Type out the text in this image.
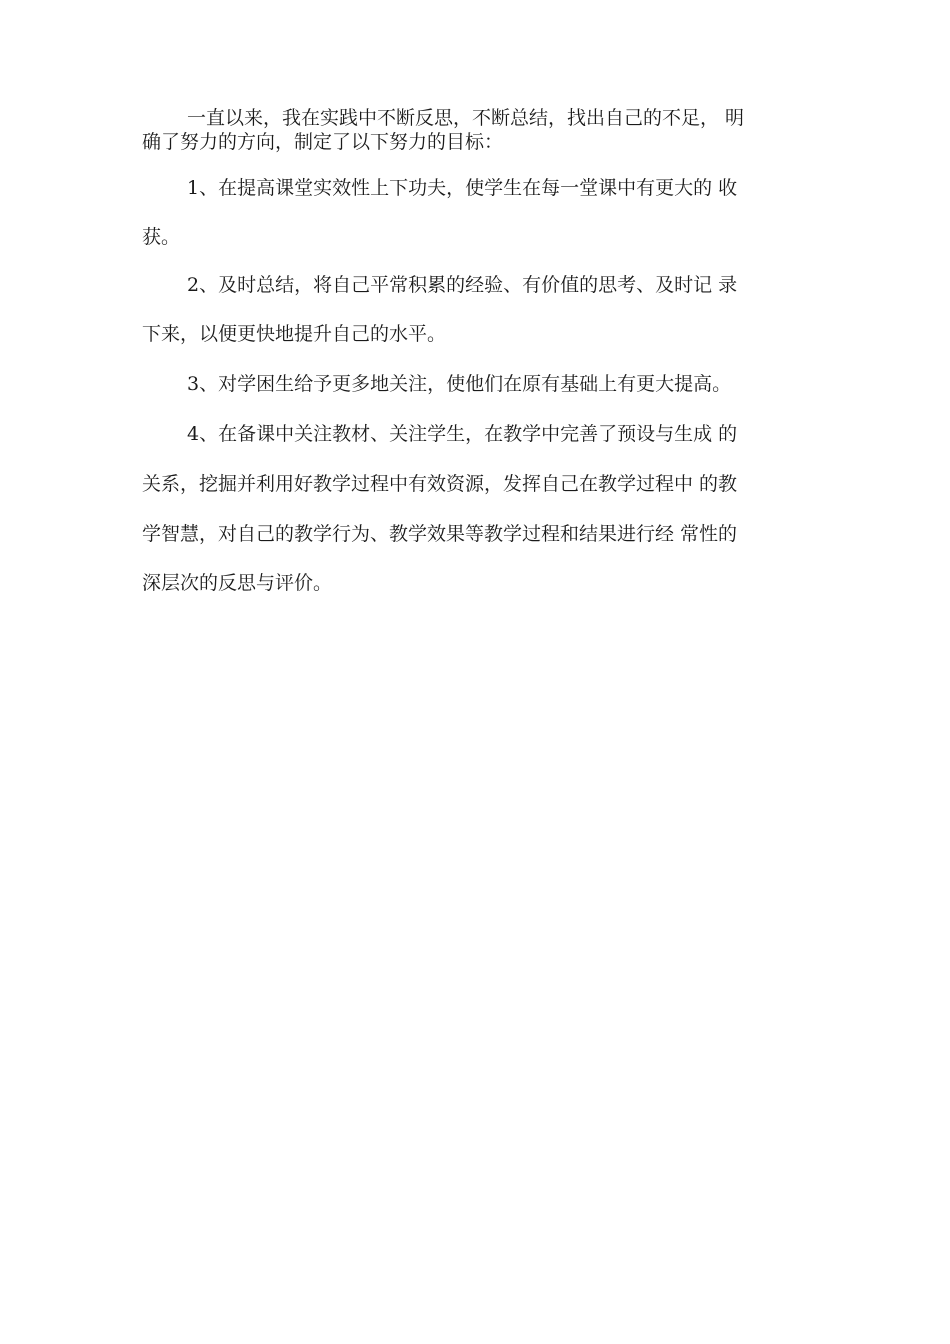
一直以来，我在实践中不断反思，不断总结，找出自己的不足， 明

确了努力的方向，制定了以下努力的目标：

1、在提高课堂实效性上下功夫，使学生在每一堂课中有更大的 收

获。

2、及时总结，将自己平常积累的经验、有价值的思考、及时记 录

下来，以便更快地提升自己的水平。

3、对学困生给予更多地关注，使他们在原有基础上有更大提高。

4、在备课中关注教材、关注学生，在教学中完善了预设与生成 的

关系，挖掘并利用好教学过程中有效资源，发挥自己在教学过程中 的教

学智慧，对自己的教学行为、教学效果等教学过程和结果进行经 常性的

深层次的反思与评价。
